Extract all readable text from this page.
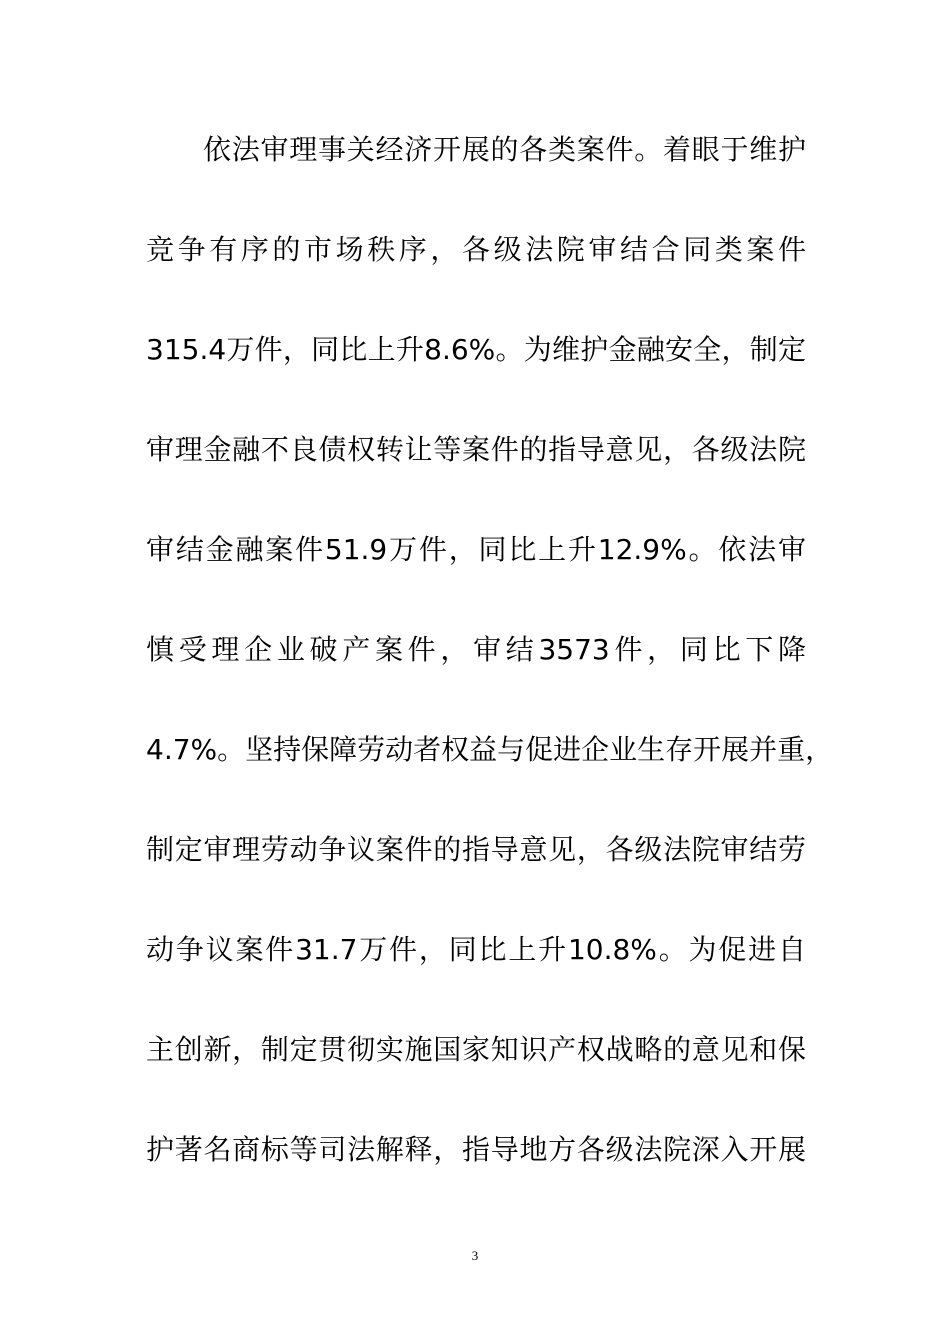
依法审理事关经济开展的各类案件。着眼于维护
竞争有序的市场秩序，各级法院审结合同类案件
315.4万件，同比上升8.6%。为维护金融安全，制定
审理金融不良债权转让等案件的指导意见，各级法院
审结金融案件51.9万件，同比上升12.9%。依法审
慎受理企业破产案件，审结3573件，同比下降
4.7%。坚持保障劳动者权益与促进企业生存开展并重，
制定审理劳动争议案件的指导意见，各级法院审结劳
动争议案件31.7万件，同比上升10.8%。为促进自
主创新，制定贯彻实施国家知识产权战略的意见和保
护著名商标等司法解释，指导地方各级法院深入开展
3
